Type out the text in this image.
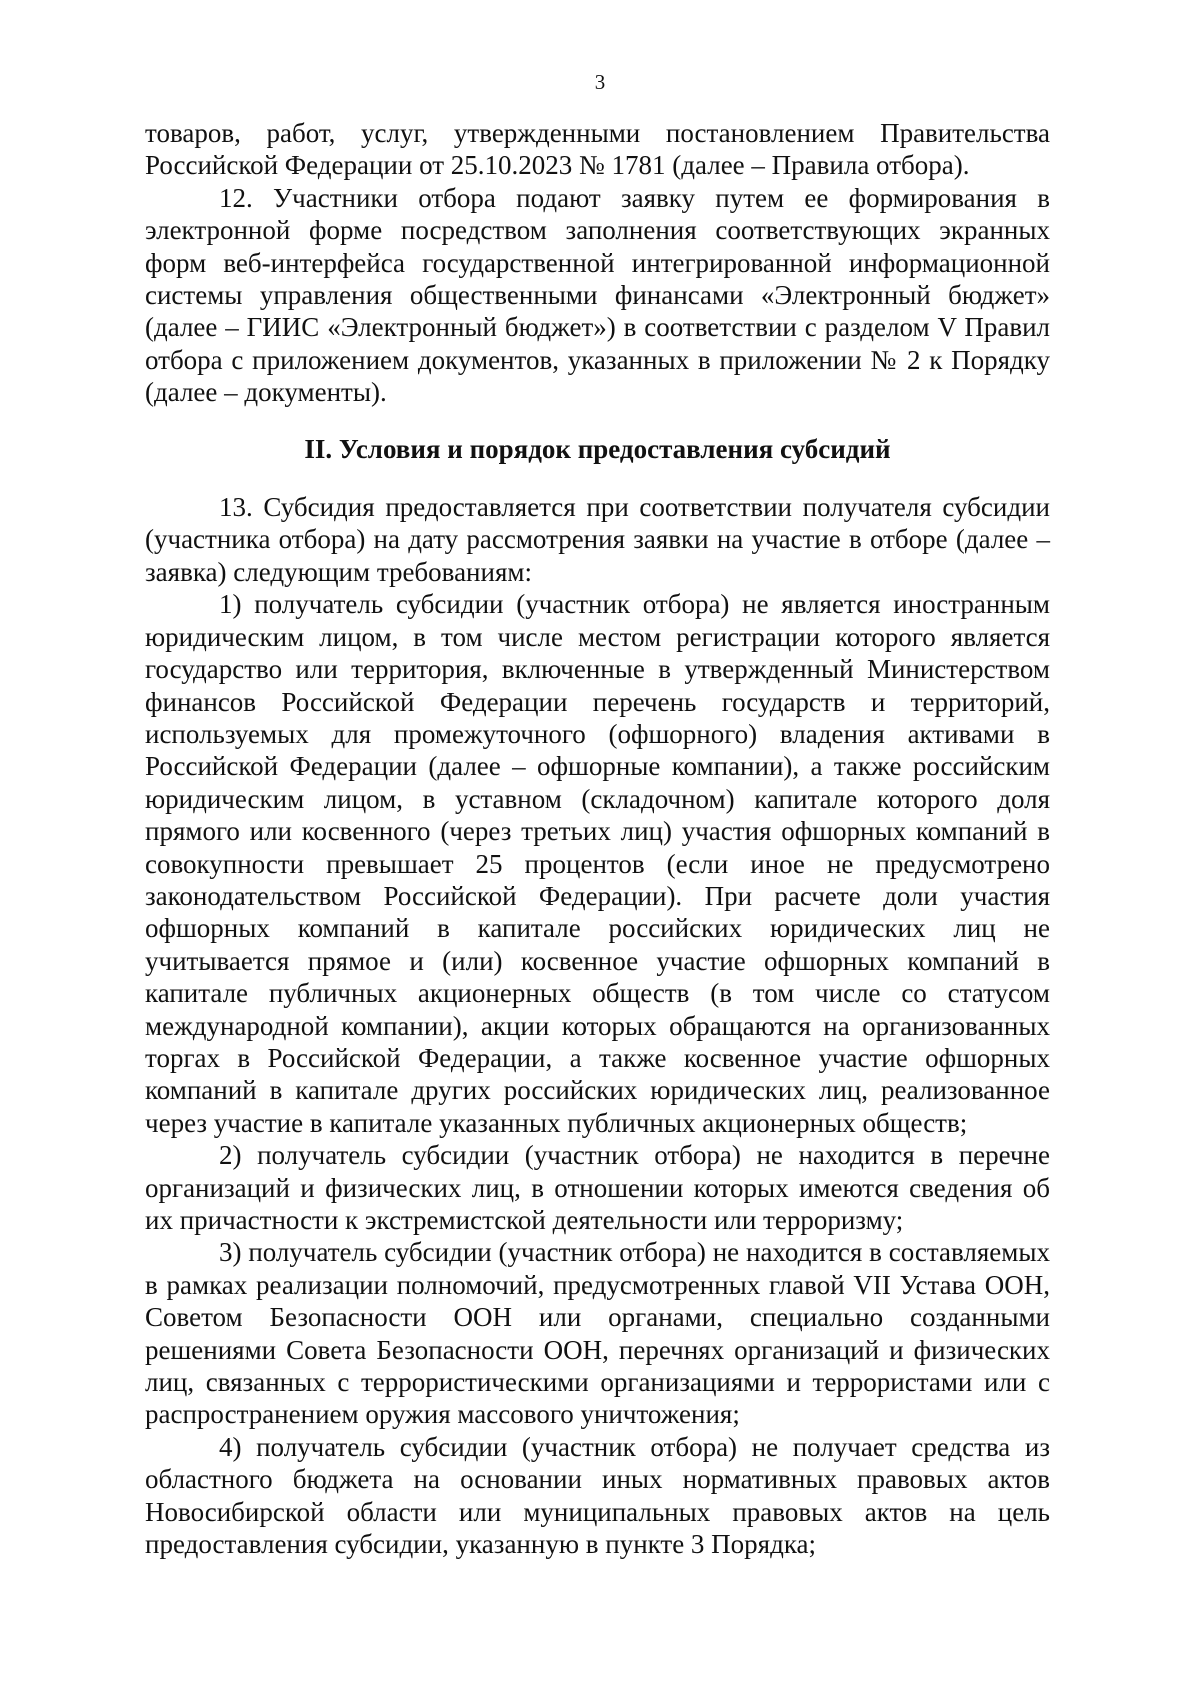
3

товаров, работ, услуг, утвержденными постановлением Правительства Российской Федерации от 25.10.2023 № 1781 (далее – Правила отбора).

12. Участники отбора подают заявку путем ее формирования в электронной форме посредством заполнения соответствующих экранных форм веб-интерфейса государственной интегрированной информационной системы управления общественными финансами «Электронный бюджет» (далее – ГИИС «Электронный бюджет») в соответствии с разделом V Правил отбора с приложением документов, указанных в приложении № 2 к Порядку (далее – документы).

II. Условия и порядок предоставления субсидий

13. Субсидия предоставляется при соответствии получателя субсидии (участника отбора) на дату рассмотрения заявки на участие в отборе (далее – заявка) следующим требованиям:

1) получатель субсидии (участник отбора) не является иностранным юридическим лицом, в том числе местом регистрации которого является государство или территория, включенные в утвержденный Министерством финансов Российской Федерации перечень государств и территорий, используемых для промежуточного (офшорного) владения активами в Российской Федерации (далее – офшорные компании), а также российским юридическим лицом, в уставном (складочном) капитале которого доля прямого или косвенного (через третьих лиц) участия офшорных компаний в совокупности превышает 25 процентов (если иное не предусмотрено законодательством Российской Федерации). При расчете доли участия офшорных компаний в капитале российских юридических лиц не учитывается прямое и (или) косвенное участие офшорных компаний в капитале публичных акционерных обществ (в том числе со статусом международной компании), акции которых обращаются на организованных торгах в Российской Федерации, а также косвенное участие офшорных компаний в капитале других российских юридических лиц, реализованное через участие в капитале указанных публичных акционерных обществ;

2) получатель субсидии (участник отбора) не находится в перечне организаций и физических лиц, в отношении которых имеются сведения об их причастности к экстремистской деятельности или терроризму;

3) получатель субсидии (участник отбора) не находится в составляемых в рамках реализации полномочий, предусмотренных главой VII Устава ООН, Советом Безопасности ООН или органами, специально созданными решениями Совета Безопасности ООН, перечнях организаций и физических лиц, связанных с террористическими организациями и террористами или с распространением оружия массового уничтожения;

4) получатель субсидии (участник отбора) не получает средства из областного бюджета на основании иных нормативных правовых актов Новосибирской области или муниципальных правовых актов на цель предоставления субсидии, указанную в пункте 3 Порядка;
